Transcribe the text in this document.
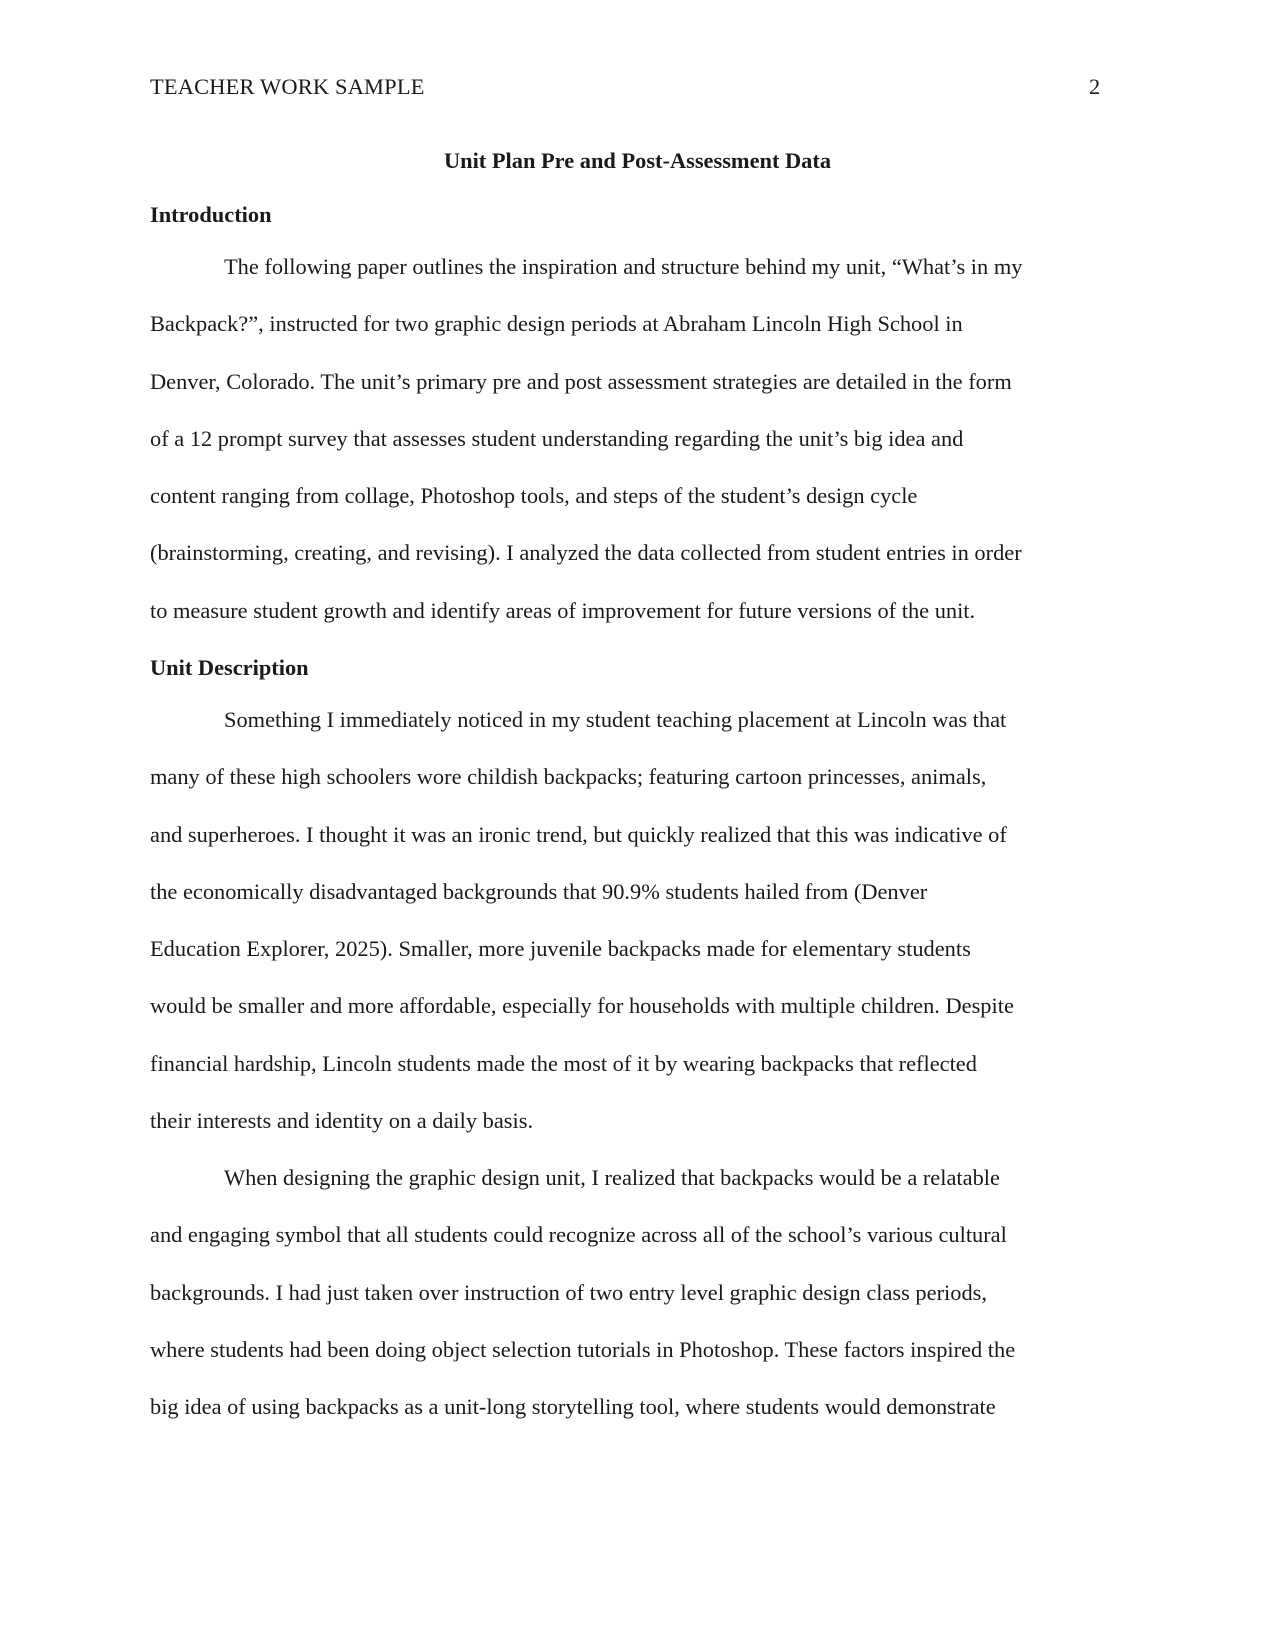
TEACHER WORK SAMPLE	2
Unit Plan Pre and Post-Assessment Data
Introduction
The following paper outlines the inspiration and structure behind my unit, “What’s in my
Backpack?”, instructed for two graphic design periods at Abraham Lincoln High School in
Denver, Colorado. The unit’s primary pre and post assessment strategies are detailed in the form
of a 12 prompt survey that assesses student understanding regarding the unit’s big idea and
content ranging from collage, Photoshop tools, and steps of the student’s design cycle
(brainstorming, creating, and revising). I analyzed the data collected from student entries in order
to measure student growth and identify areas of improvement for future versions of the unit.
Unit Description
Something I immediately noticed in my student teaching placement at Lincoln was that
many of these high schoolers wore childish backpacks; featuring cartoon princesses, animals,
and superheroes. I thought it was an ironic trend, but quickly realized that this was indicative of
the economically disadvantaged backgrounds that 90.9% students hailed from (Denver
Education Explorer, 2025). Smaller, more juvenile backpacks made for elementary students
would be smaller and more affordable, especially for households with multiple children. Despite
financial hardship, Lincoln students made the most of it by wearing backpacks that reflected
their interests and identity on a daily basis.
When designing the graphic design unit, I realized that backpacks would be a relatable
and engaging symbol that all students could recognize across all of the school’s various cultural
backgrounds. I had just taken over instruction of two entry level graphic design class periods,
where students had been doing object selection tutorials in Photoshop. These factors inspired the
big idea of using backpacks as a unit-long storytelling tool, where students would demonstrate
